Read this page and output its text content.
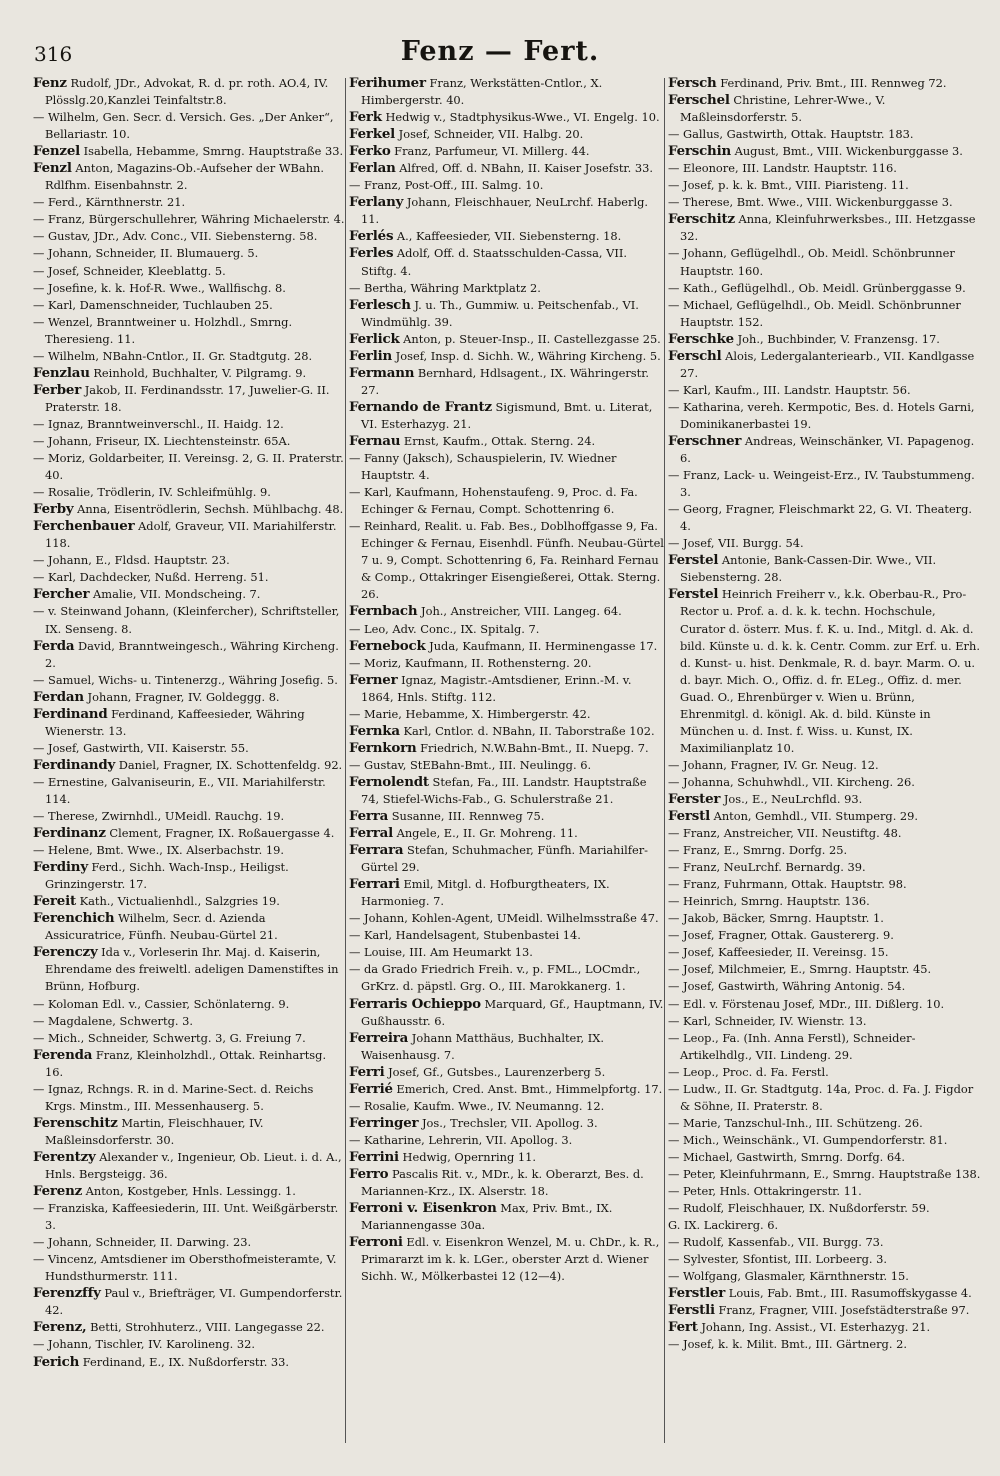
316	Fenz — Fert.
Fenz Rudolf, JDr., Advokat, R. d. pr. roth. AO.4, IV. Plösslg.20,Kanzlei Teinfaltstr.8.
— Wilhelm, Gen. Secr. d. Versich. Ges. „Der Anker“, Bellariastr. 10.
Fenzel Isabella, Hebamme, Smrng. Hauptstraße 33.
Fenzl Anton, Magazins-Ob.-Aufseher der WBahn. Rdlfhm. Eisenbahnstr. 2.
— Ferd., Kärnthnerstr. 21.
— Franz, Bürgerschullehrer, Währing Michaelerstr. 4.
— Gustav, JDr., Adv. Conc., VII. Siebensterng. 58.
— Johann, Schneider, II. Blumauerg. 5.
— Josef, Schneider, Kleeblattg. 5.
— Josefine, k. k. Hof-R. Wwe., Wallfischg. 8.
— Karl, Damenschneider, Tuchlauben 25.
— Wenzel, Branntweiner u. Holzhdl., Smrng. Theresieng. 11.
— Wilhelm, NBahn-Cntlor., II. Gr. Stadtgutg. 28.
Fenzlau Reinhold, Buchhalter, V. Pilgramg. 9.
Ferber Jakob, II. Ferdinandsstr. 17, Juwelier-G. II. Praterstr. 18.
— Ignaz, Branntweinverschl., II. Haidg. 12.
— Johann, Friseur, IX. Liechtensteinstr. 65A.
— Moriz, Goldarbeiter, II. Vereinsg. 2, G. II. Praterstr. 40.
— Rosalie, Trödlerin, IV. Schleifmühlg. 9.
Ferby Anna, Eisentrödlerin, Sechsh. Mühlbachg. 48.
Ferchenbauer Adolf, Graveur, VII. Mariahilferstr. 118.
— Johann, E., Fldsd. Hauptstr. 23.
— Karl, Dachdecker, Nußd. Herreng. 51.
Fercher Amalie, VII. Mondscheing. 7.
— v. Steinwand Johann, (Kleinfercher), Schriftsteller, IX. Senseng. 8.
Ferda David, Branntweingesch., Währing Kircheng. 2.
— Samuel, Wichs- u. Tintenerzg., Währing Josefig. 5.
Ferdan Johann, Fragner, IV. Goldeggg. 8.
Ferdinand Ferdinand, Kaffeesieder, Währing Wienerstr. 13.
— Josef, Gastwirth, VII. Kaiserstr. 55.
Ferdinandy Daniel, Fragner, IX. Schottenfeldg. 92.
— Ernestine, Galvaniseurin, E., VII. Mariahilferstr. 114.
— Therese, Zwirnhdl., UMeidl. Rauchg. 19.
Ferdinanz Clement, Fragner, IX. Roßauergasse 4.
— Helene, Bmt. Wwe., IX. Alserbachstr. 19.
Ferdiny Ferd., Sichh. Wach-Insp., Heiligst. Grinzingerstr. 17.
Fereit Kath., Victualienhdl., Salzgries 19.
Ferenchich Wilhelm, Secr. d. Azienda Assicuratrice, Fünfh. Neubau-Gürtel 21.
Ferenczy Ida v., Vorleserin Ihr. Maj. d. Kaiserin, Ehrendame des freiweltl. adeligen Damenstiftes in Brünn, Hofburg.
— Koloman Edl. v., Cassier, Schönlaterng. 9.
— Magdalene, Schwertg. 3.
— Mich., Schneider, Schwertg. 3, G. Freiung 7.
Ferenda Franz, Kleinholzhdl., Ottak. Reinhartsg. 16.
— Ignaz, Rchngs. R. in d. Marine-Sect. d. Reichs Krgs. Minstm., III. Messenhauserg. 5.
Ferenschitz Martin, Fleischhauer, IV. Maßleinsdorferstr. 30.
Ferentzy Alexander v., Ingenieur, Ob. Lieut. i. d. A., Hnls. Bergsteigg. 36.
Ferenz Anton, Kostgeber, Hnls. Lessingg. 1.
— Franziska, Kaffeesiederin, III. Unt. Weißgärberstr. 3.
— Johann, Schneider, II. Darwing. 23.
— Vincenz, Amtsdiener im Obersthofmeisteramte, V. Hundsthurmerstr. 111.
Ferenzffy Paul v., Briefträger, VI. Gumpendorferstr. 42.
Ferenz, Betti, Strohhuterz., VIII. Langegasse 22.
— Johann, Tischler, IV. Karolineng. 32.
Ferich Ferdinand, E., IX. Nußdorferstr. 33.
Ferihumer Franz, Werkstätten-Cntlor., X. Himbergerstr. 40.
Ferk Hedwig v., Stadtphysikus-Wwe., VI. Engelg. 10.
Ferkel Josef, Schneider, VII. Halbg. 20.
Ferko Franz, Parfumeur, VI. Millerg. 44.
Ferlan Alfred, Off. d. NBahn, II. Kaiser Josefstr. 33.
— Franz, Post-Off., III. Salmg. 10.
Ferlany Johann, Fleischhauer, NeuLrchf. Haberlg. 11.
Ferlés A., Kaffeesieder, VII. Siebensterng. 18.
Ferles Adolf, Off. d. Staatsschulden-Cassa, VII. Stiftg. 4.
— Bertha, Währing Marktplatz 2.
Ferlesch J. u. Th., Gummiw. u. Peitschenfab., VI. Windmühlg. 39.
Ferlick Anton, p. Steuer-Insp., II. Castellezgasse 25.
Ferlin Josef, Insp. d. Sichh. W., Währing Kircheng. 5.
Fermann Bernhard, Hdlsagent., IX. Währingerstr. 27.
Fernando de Frantz Sigismund, Bmt. u. Literat, VI. Esterhazyg. 21.
Fernau Ernst, Kaufm., Ottak. Sterng. 24.
— Fanny (Jaksch), Schauspielerin, IV. Wiedner Hauptstr. 4.
— Karl, Kaufmann, Hohenstaufeng. 9, Proc. d. Fa. Echinger & Fernau, Compt. Schottenring 6.
— Reinhard, Realit. u. Fab. Bes., Doblhoffgasse 9, Fa. Echinger & Fernau, Eisenhdl. Fünfh. Neubau-Gürtel 7 u. 9, Compt. Schottenring 6, Fa. Reinhard Fernau & Comp., Ottakringer Eisengießerei, Ottak. Sterng. 26.
Fernbach Joh., Anstreicher, VIII. Langeg. 64.
— Leo, Adv. Conc., IX. Spitalg. 7.
Fernebock Juda, Kaufmann, II. Herminengasse 17.
— Moriz, Kaufmann, II. Rothensterng. 20.
Ferner Ignaz, Magistr.-Amtsdiener, Erinn.-M. v. 1864, Hnls. Stiftg. 112.
— Marie, Hebamme, X. Himbergerstr. 42.
Fernka Karl, Cntlor. d. NBahn, II. Taborstraße 102.
Fernkorn Friedrich, N.W.Bahn-Bmt., II. Nuepg. 7.
— Gustav, StEBahn-Bmt., III. Neulingg. 6.
Fernolendt Stefan, Fa., III. Landstr. Hauptstraße 74, Stiefel-Wichs-Fab., G. Schulerstraße 21.
Ferra Susanne, III. Rennweg 75.
Ferral Angele, E., II. Gr. Mohreng. 11.
Ferrara Stefan, Schuhmacher, Fünfh. Mariahilfer-Gürtel 29.
Ferrari Emil, Mitgl. d. Hofburgtheaters, IX. Harmonieg. 7.
— Johann, Kohlen-Agent, UMeidl. Wilhelmsstraße 47.
— Karl, Handelsagent, Stubenbastei 14.
— Louise, III. Am Heumarkt 13.
— da Grado Friedrich Freih. v., p. FML., LOCmdr., GrKrz. d. päpstl. Grg. O., III. Marokkanerg. 1.
Ferraris Ochieppo Marquard, Gf., Hauptmann, IV. Gußhausstr. 6.
Ferreira Johann Matthäus, Buchhalter, IX. Waisenhausg. 7.
Ferri Josef, Gf., Gutsbes., Laurenzerberg 5.
Ferrié Emerich, Cred. Anst. Bmt., Himmelpfortg. 17.
— Rosalie, Kaufm. Wwe., IV. Neumanng. 12.
Ferringer Jos., Trechsler, VII. Apollog. 3.
— Katharine, Lehrerin, VII. Apollog. 3.
Ferrini Hedwig, Opernring 11.
Ferro Pascalis Rit. v., MDr., k. k. Oberarzt, Bes. d. Mariannen-Krz., IX. Alserstr. 18.
Ferroni v. Eisenkron Max, Priv. Bmt., IX. Mariannengasse 30a.
Ferroni Edl. v. Eisenkron Wenzel, M. u. ChDr., k. R., Primararzt im k. k. LGer., oberster Arzt d. Wiener Sichh. W., Mölkerbastei 12 (12—4).
Fersch Ferdinand, Priv. Bmt., III. Rennweg 72.
Ferschel Christine, Lehrer-Wwe., V. Maßleinsdorferstr. 5.
— Gallus, Gastwirth, Ottak. Hauptstr. 183.
Ferschin August, Bmt., VIII. Wickenburggasse 3.
— Eleonore, III. Landstr. Hauptstr. 116.
— Josef, p. k. k. Bmt., VIII. Piaristeng. 11.
— Therese, Bmt. Wwe., VIII. Wickenburggasse 3.
Ferschitz Anna, Kleinfuhrwerksbes., III. Hetzgasse 32.
— Johann, Geflügelhdl., Ob. Meidl. Schönbrunner Hauptstr. 160.
— Kath., Geflügelhdl., Ob. Meidl. Grünberggasse 9.
— Michael, Geflügelhdl., Ob. Meidl. Schönbrunner Hauptstr. 152.
Ferschke Joh., Buchbinder, V. Franzensg. 17.
Ferschl Alois, Ledergalanteriearb., VII. Kandlgasse 27.
— Karl, Kaufm., III. Landstr. Hauptstr. 56.
— Katharina, vereh. Kermpotic, Bes. d. Hotels Garni, Dominikanerbastei 19.
Ferschner Andreas, Weinschänker, VI. Papagenog. 6.
— Franz, Lack- u. Weingeist-Erz., IV. Taubstummeng. 3.
— Georg, Fragner, Fleischmarkt 22, G. VI. Theaterg. 4.
— Josef, VII. Burgg. 54.
Ferstel Antonie, Bank-Cassen-Dir. Wwe., VII. Siebensterng. 28.
Ferstel Heinrich Freiherr v., k.k. Oberbau-R., Pro-Rector u. Prof. a. d. k. k. techn. Hochschule, Curator d. österr. Mus. f. K. u. Ind., Mitgl. d. Ak. d. bild. Künste u. d. k. k. Centr. Comm. zur Erf. u. Erh. d. Kunst- u. hist. Denkmale, R. d. bayr. Marm. O. u. d. bayr. Mich. O., Offiz. d. fr. ELeg., Offiz. d. mer. Guad. O., Ehrenbürger v. Wien u. Brünn, Ehrenmitgl. d. königl. Ak. d. bild. Künste in München u. d. Inst. f. Wiss. u. Kunst, IX. Maximilianplatz 10.
— Johann, Fragner, IV. Gr. Neug. 12.
— Johanna, Schuhwhdl., VII. Kircheng. 26.
Ferster Jos., E., NeuLrchfld. 93.
Ferstl Anton, Gemhdl., VII. Stumperg. 29.
— Franz, Anstreicher, VII. Neustiftg. 48.
— Franz, E., Smrng. Dorfg. 25.
— Franz, NeuLrchf. Bernardg. 39.
— Franz, Fuhrmann, Ottak. Hauptstr. 98.
— Heinrich, Smrng. Hauptstr. 136.
— Jakob, Bäcker, Smrng. Hauptstr. 1.
— Josef, Fragner, Ottak. Gaustererg. 9.
— Josef, Kaffeesieder, II. Vereinsg. 15.
— Josef, Milchmeier, E., Smrng. Hauptstr. 45.
— Josef, Gastwirth, Währing Antonig. 54.
— Edl. v. Förstenau Josef, MDr., III. Dißlerg. 10.
— Karl, Schneider, IV. Wienstr. 13.
— Leop., Fa. (Inh. Anna Ferstl), Schneider-Artikelhdlg., VII. Lindeng. 29.
— Leop., Proc. d. Fa. Ferstl.
— Ludw., II. Gr. Stadtgutg. 14a, Proc. d. Fa. J. Figdor & Söhne, II. Praterstr. 8.
— Marie, Tanzschul-Inh., III. Schützeng. 26.
— Mich., Weinschänk., VI. Gumpendorferstr. 81.
— Michael, Gastwirth, Smrng. Dorfg. 64.
— Peter, Kleinfuhrmann, E., Smrng. Hauptstraße 138.
— Peter, Hnls. Ottakringerstr. 11.
— Rudolf, Fleischhauer, IX. Nußdorferstr. 59.
G. IX. Lackirerg. 6.
— Rudolf, Kassenfab., VII. Burgg. 73.
— Sylvester, Sfontist, III. Lorbeerg. 3.
— Wolfgang, Glasmaler, Kärnthnerstr. 15.
Ferstler Louis, Fab. Bmt., III. Rasumoffskygasse 4.
Ferstli Franz, Fragner, VIII. Josefstädterstraße 97.
Fert Johann, Ing. Assist., VI. Esterhazyg. 21.
— Josef, k. k. Milit. Bmt., III. Gärtnerg. 2.
